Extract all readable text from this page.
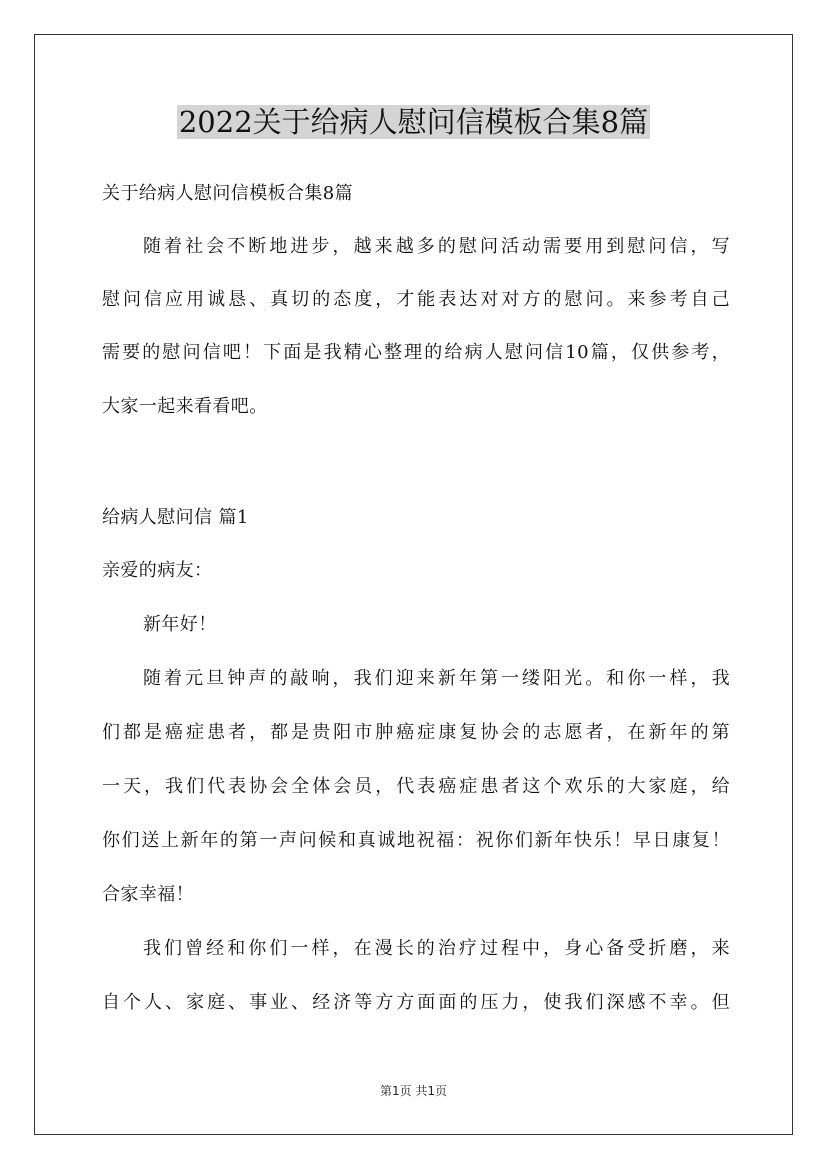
2022关于给病人慰问信模板合集8篇
关于给病人慰问信模板合集8篇
随着社会不断地进步，越来越多的慰问活动需要用到慰问信，写
慰问信应用诚恳、真切的态度，才能表达对对方的慰问。来参考自己
需要的慰问信吧！下面是我精心整理的给病人慰问信10篇，仅供参考，
大家一起来看看吧。
给病人慰问信 篇1
亲爱的病友：
新年好！
随着元旦钟声的敲响，我们迎来新年第一缕阳光。和你一样，我
们都是癌症患者，都是贵阳市肿癌症康复协会的志愿者，在新年的第
一天，我们代表协会全体会员，代表癌症患者这个欢乐的大家庭，给
你们送上新年的第一声问候和真诚地祝福：祝你们新年快乐！早日康复！
合家幸福！
我们曾经和你们一样，在漫长的治疗过程中，身心备受折磨，来
自个人、家庭、事业、经济等方方面面的压力，使我们深感不幸。但
第1页 共1页
